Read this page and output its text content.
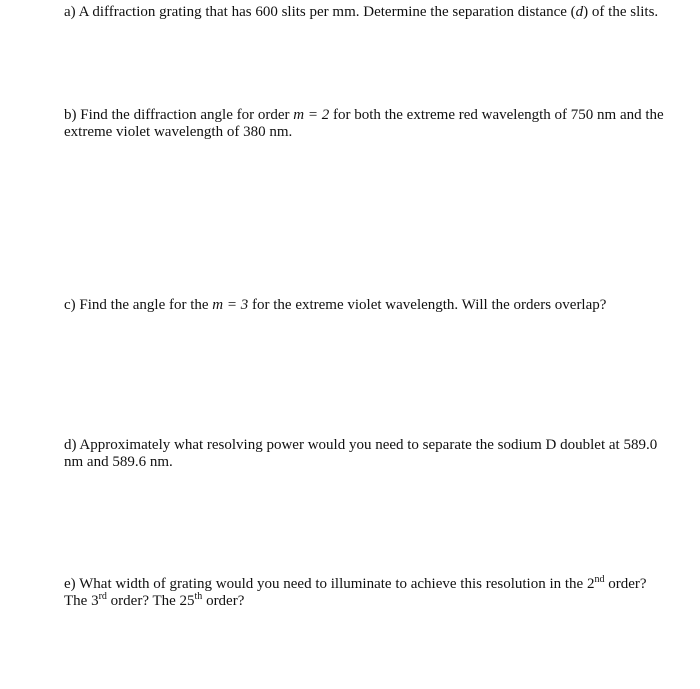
a) A diffraction grating that has 600 slits per mm. Determine the separation distance (d) of the slits.

b) Find the diffraction angle for order m = 2 for both the extreme red wavelength of 750 nm and the extreme violet wavelength of 380 nm.

c) Find the angle for the m = 3 for the extreme violet wavelength. Will the orders overlap?

d) Approximately what resolving power would you need to separate the sodium D doublet at 589.0 nm and 589.6 nm.

e) What width of grating would you need to illuminate to achieve this resolution in the 2nd order? The 3rd order? The 25th order?
